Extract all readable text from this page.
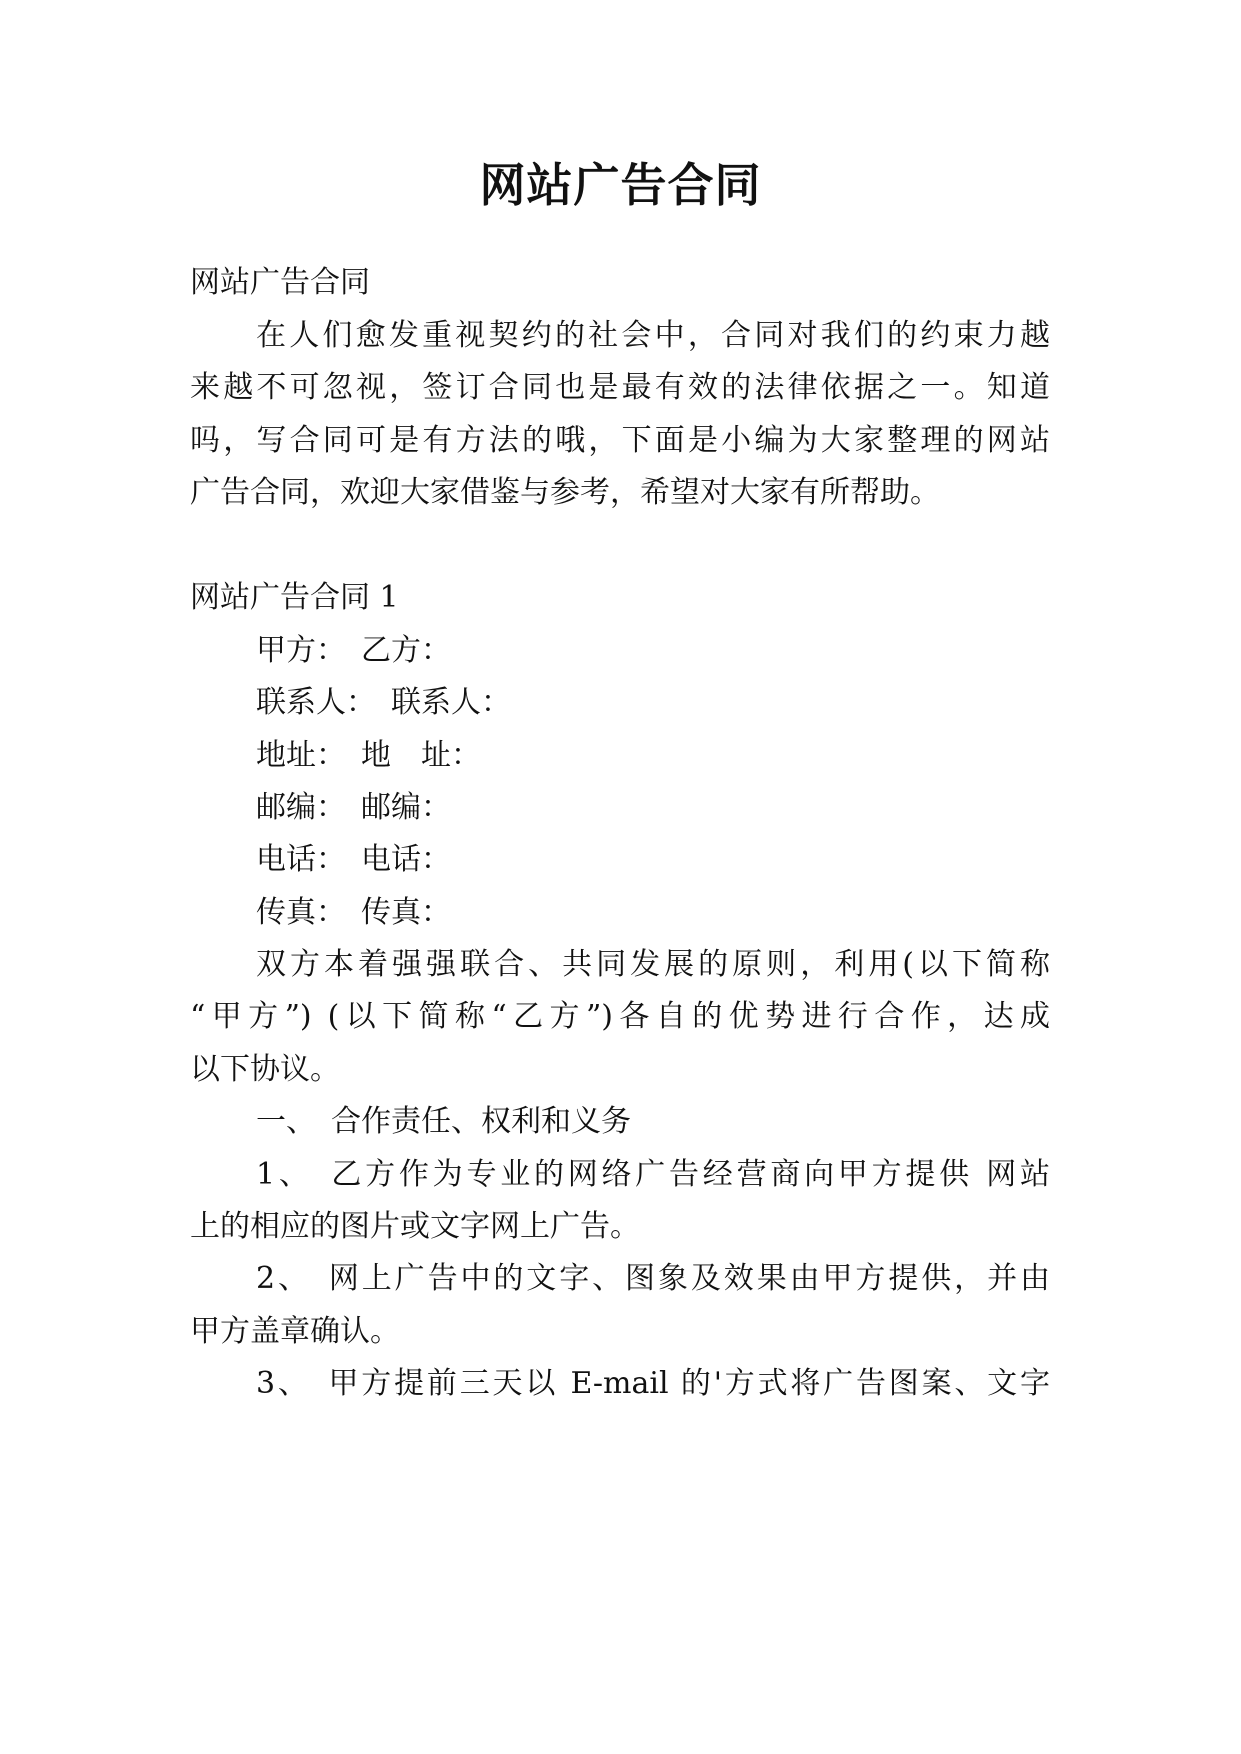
网站广告合同
网站广告合同
在人们愈发重视契约的社会中，合同对我们的约束力越
来越不可忽视，签订合同也是最有效的法律依据之一。知道
吗，写合同可是有方法的哦，下面是小编为大家整理的网站
广告合同，欢迎大家借鉴与参考，希望对大家有所帮助。
网站广告合同 1
甲方：　乙方：
联系人：　联系人：
地址：　地　址：
邮编：　邮编：
电话：　电话：
传真：　传真：
双方本着强强联合、共同发展的原则，利用(以下简称
“甲方”) (以下简称“乙方”)各自的优势进行合作，达成
以下协议。
一、　合作责任、权利和义务
1、　乙方作为专业的网络广告经营商向甲方提供 网站
上的相应的图片或文字网上广告。
2、　网上广告中的文字、图象及效果由甲方提供，并由
甲方盖章确认。
3、　甲方提前三天以 E-mail 的'方式将广告图案、文字
